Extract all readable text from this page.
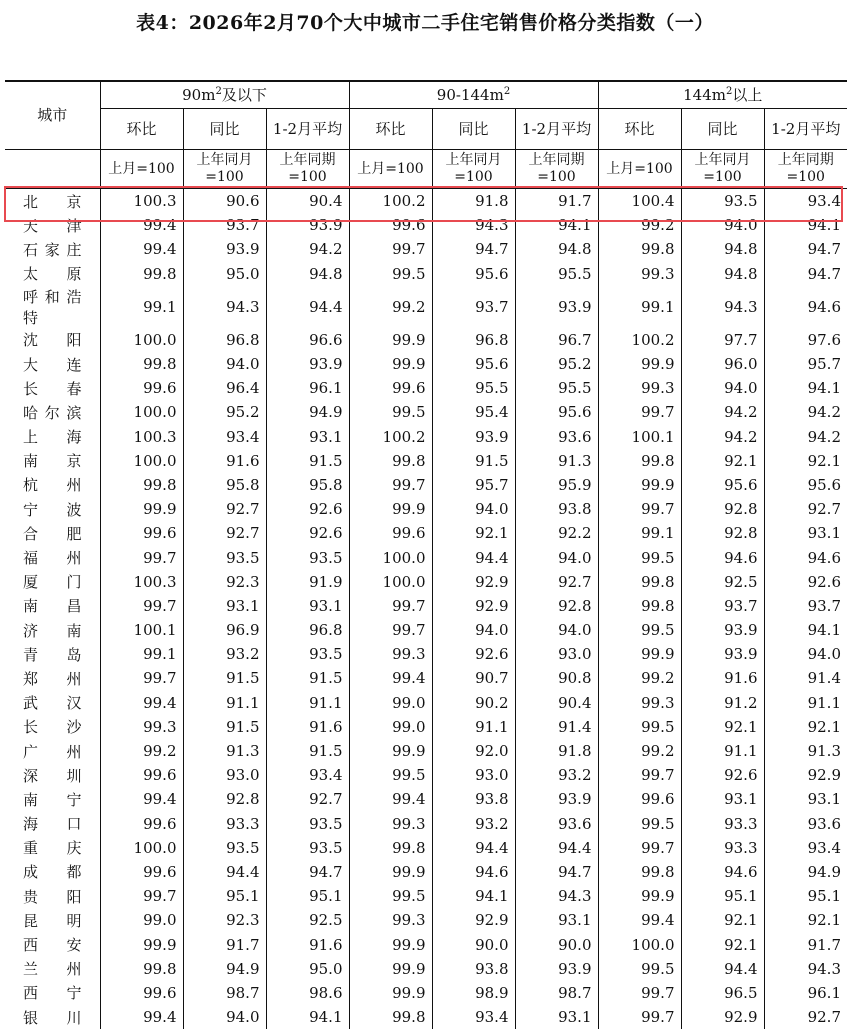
表4：2026年2月70个大中城市二手住宅销售价格分类指数（一）
城市	$90m^2$及以下			$90-144m^2$			$144m^2$以上		
	环比	同比	1-2月平均	环比	同比	1-2月平均	环比	同比	1-2月平均
	上月=100	上年同月=100	上年同期=100	上月=100	上年同月=100	上年同期=100	上月=100	上年同月=100	上年同期=100
北京	100.3	90.6	90.4	100.2	91.8	91.7	100.4	93.5	93.4
天津	99.4	93.7	93.9	99.6	94.3	94.1	99.2	94.0	94.1
石家庄	99.4	93.9	94.2	99.7	94.7	94.8	99.8	94.8	94.7
太原	99.8	95.0	94.8	99.5	95.6	95.5	99.3	94.8	94.7
呼和浩特	99.1	94.3	94.4	99.2	93.7	93.9	99.1	94.3	94.6
沈阳	100.0	96.8	96.6	99.9	96.8	96.7	100.2	97.7	97.6
大连	99.8	94.0	93.9	99.9	95.6	95.2	99.9	96.0	95.7
长春	99.6	96.4	96.1	99.6	95.5	95.5	99.3	94.0	94.1
哈尔滨	100.0	95.2	94.9	99.5	95.4	95.6	99.7	94.2	94.2
上海	100.3	93.4	93.1	100.2	93.9	93.6	100.1	94.2	94.2
南京	100.0	91.6	91.5	99.8	91.5	91.3	99.8	92.1	92.1
杭州	99.8	95.8	95.8	99.7	95.7	95.9	99.9	95.6	95.6
宁波	99.9	92.7	92.6	99.9	94.0	93.8	99.7	92.8	92.7
合肥	99.6	92.7	92.6	99.6	92.1	92.2	99.1	92.8	93.1
福州	99.7	93.5	93.5	100.0	94.4	94.0	99.5	94.6	94.6
厦门	100.3	92.3	91.9	100.0	92.9	92.7	99.8	92.5	92.6
南昌	99.7	93.1	93.1	99.7	92.9	92.8	99.8	93.7	93.7
济南	100.1	96.9	96.8	99.7	94.0	94.0	99.5	93.9	94.1
青岛	99.1	93.2	93.5	99.3	92.6	93.0	99.9	93.9	94.0
郑州	99.7	91.5	91.5	99.4	90.7	90.8	99.2	91.6	91.4
武汉	99.4	91.1	91.1	99.0	90.2	90.4	99.3	91.2	91.1
长沙	99.3	91.5	91.6	99.0	91.1	91.4	99.5	92.1	92.1
广州	99.2	91.3	91.5	99.9	92.0	91.8	99.2	91.1	91.3
深圳	99.6	93.0	93.4	99.5	93.0	93.2	99.7	92.6	92.9
南宁	99.4	92.8	92.7	99.4	93.8	93.9	99.6	93.1	93.1
海口	99.6	93.3	93.5	99.3	93.2	93.6	99.5	93.3	93.6
重庆	100.0	93.5	93.5	99.8	94.4	94.4	99.7	93.3	93.4
成都	99.6	94.4	94.7	99.9	94.6	94.7	99.8	94.6	94.9
贵阳	99.7	95.1	95.1	99.5	94.1	94.3	99.9	95.1	95.1
昆明	99.0	92.3	92.5	99.3	92.9	93.1	99.4	92.1	92.1
西安	99.9	91.7	91.6	99.9	90.0	90.0	100.0	92.1	91.7
兰州	99.8	94.9	95.0	99.9	93.8	93.9	99.5	94.4	94.3
西宁	99.6	98.7	98.6	99.9	98.9	98.7	99.7	96.5	96.1
银川	99.4	94.0	94.1	99.8	93.4	93.1	99.7	92.9	92.7
